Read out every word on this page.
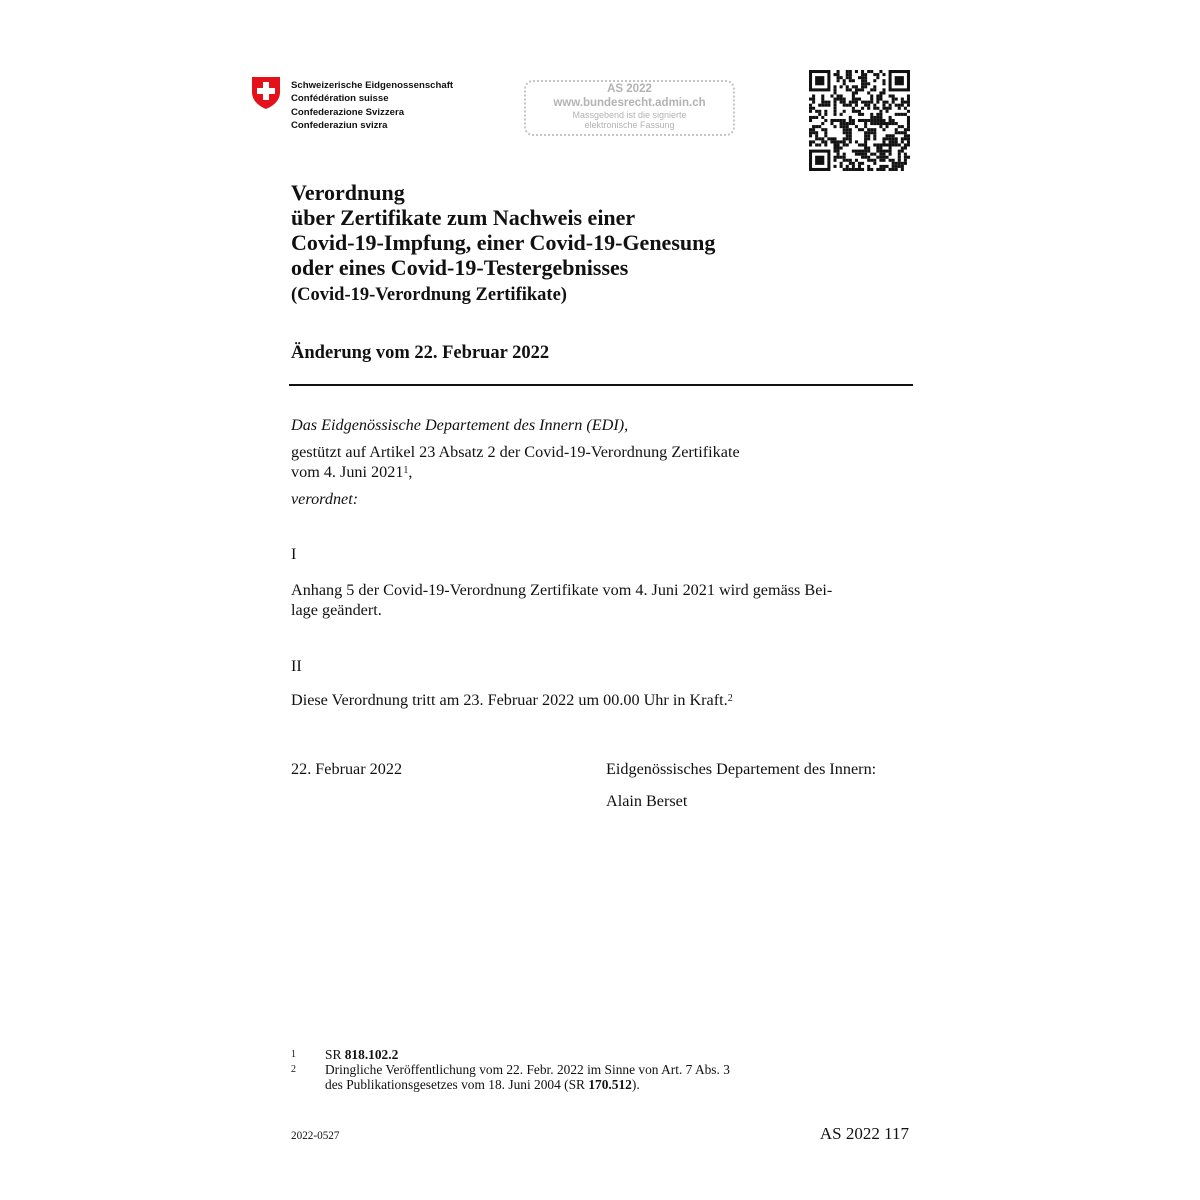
Schweizerische Eidgenossenschaft
Confédération suisse
Confederazione Svizzera
Confederaziun svizra
AS 2022
www.bundesrecht.admin.ch
Massgebend ist die signierte
elektronische Fassung
Verordnung
über Zertifikate zum Nachweis einer
Covid-19-Impfung, einer Covid-19-Genesung
oder eines Covid-19-Testergebnisses
(Covid-19-Verordnung Zertifikate)
Änderung vom 22. Februar 2022
Das Eidgenössische Departement des Innern (EDI),
gestützt auf Artikel 23 Absatz 2 der Covid-19-Verordnung Zertifikate
vom 4. Juni 2021$^1$,
verordnet:
I
Anhang 5 der Covid-19-Verordnung Zertifikate vom 4. Juni 2021 wird gemäss Bei-
lage geändert.
II
Diese Verordnung tritt am 23. Februar 2022 um 00.00 Uhr in Kraft.$^2$
22. Februar 2022	Eidgenössisches Departement des Innern:
Alain Berset
1 SR 818.102.2
2 Dringliche Veröffentlichung vom 22. Febr. 2022 im Sinne von Art. 7 Abs. 3
des Publikationsgesetzes vom 18. Juni 2004 (SR 170.512).
2022-0527	AS 2022 117
